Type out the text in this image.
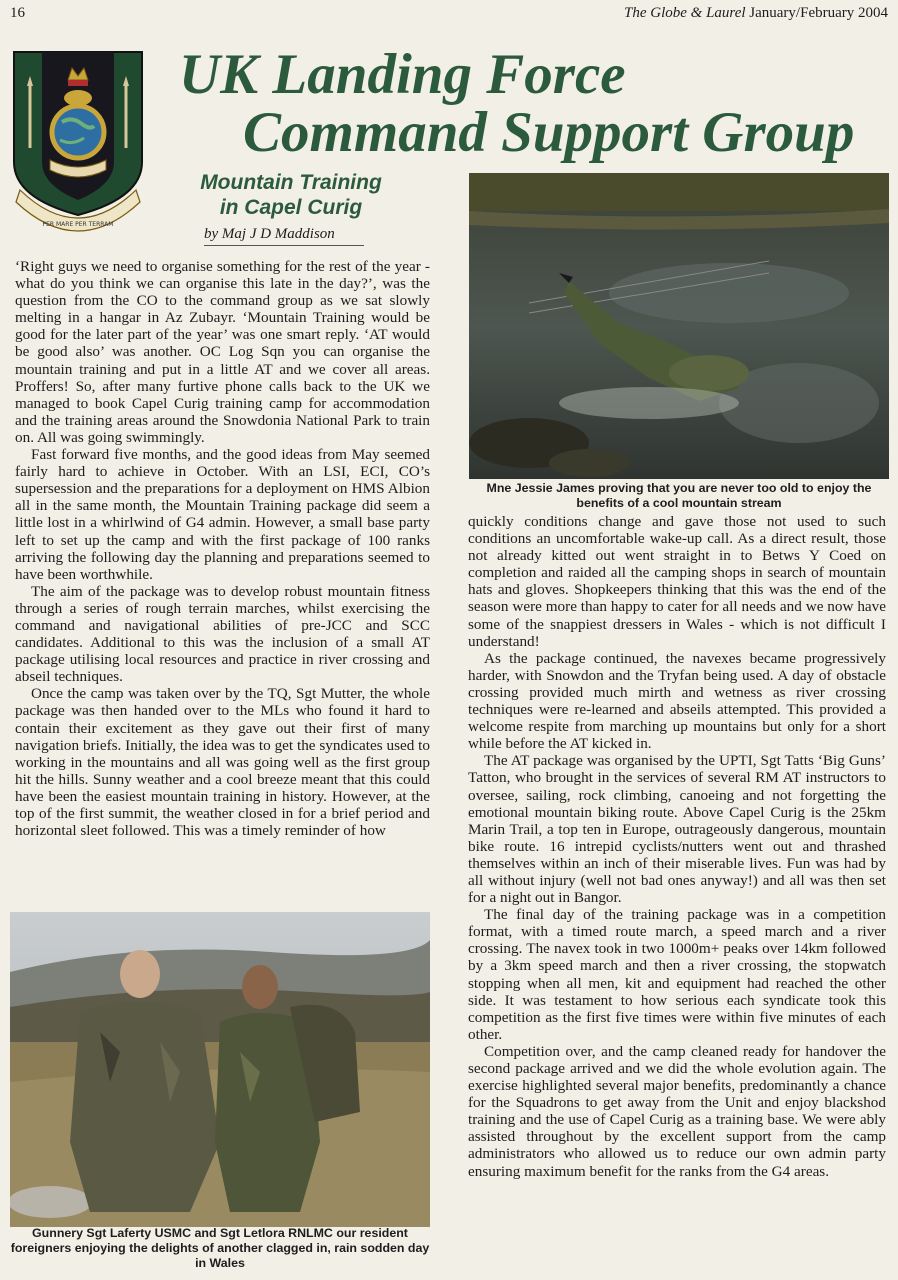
16	The Globe & Laurel January/February 2004
PER MARE PER TERRAM
UK Landing Force
Command Support Group
Mountain Training
in Capel Curig
by Maj J D Maddison

‘Right guys we need to organise something for the rest of the year - what do you think we can organise this late in the day?’, was the question from the CO to the command group as we sat slowly melting in a hangar in Az Zubayr. ‘Mountain Training would be good for the later part of the year’ was one smart reply. ‘AT would be good also’ was another. OC Log Sqn you can organise the mountain training and put in a little AT and we cover all areas. Proffers! So, after many furtive phone calls back to the UK we managed to book Capel Curig training camp for accommodation and the training areas around the Snowdonia National Park to train on. All was going swimmingly.

Fast forward five months, and the good ideas from May seemed fairly hard to achieve in October. With an LSI, ECI, CO’s supersession and the preparations for a deployment on HMS Albion all in the same month, the Mountain Training package did seem a little lost in a whirlwind of G4 admin. However, a small base party left to set up the camp and with the first package of 100 ranks arriving the following day the planning and preparations seemed to have been worthwhile.

The aim of the package was to develop robust mountain fitness through a series of rough terrain marches, whilst exercising the command and navigational abilities of pre-JCC and SCC candidates. Additional to this was the inclusion of a small AT package utilising local resources and practice in river crossing and abseil techniques.

Once the camp was taken over by the TQ, Sgt Mutter, the whole package was then handed over to the MLs who found it hard to contain their excitement as they gave out their first of many navigation briefs. Initially, the idea was to get the syndicates used to working in the mountains and all was going well as the first group hit the hills. Sunny weather and a cool breeze meant that this could have been the easiest mountain training in history. However, at the top of the first summit, the weather closed in for a brief period and horizontal sleet followed. This was a timely reminder of how

Mne Jessie James proving that you are never too old to enjoy the benefits of a cool mountain stream

quickly conditions change and gave those not used to such conditions an uncomfortable wake-up call. As a direct result, those not already kitted out went straight in to Betws Y Coed on completion and raided all the camping shops in search of mountain hats and gloves. Shopkeepers thinking that this was the end of the season were more than happy to cater for all needs and we now have some of the snappiest dressers in Wales - which is not difficult I understand!

As the package continued, the navexes became progressively harder, with Snowdon and the Tryfan being used. A day of obstacle crossing provided much mirth and wetness as river crossing techniques were re-learned and abseils attempted. This provided a welcome respite from marching up mountains but only for a short while before the AT kicked in.

The AT package was organised by the UPTI, Sgt Tatts ‘Big Guns’ Tatton, who brought in the services of several RM AT instructors to oversee, sailing, rock climbing, canoeing and not forgetting the emotional mountain biking route. Above Capel Curig is the 25km Marin Trail, a top ten in Europe, outrageously dangerous, mountain bike route. 16 intrepid cyclists/nutters went out and thrashed themselves within an inch of their miserable lives. Fun was had by all without injury (well not bad ones anyway!) and all was then set for a night out in Bangor.

The final day of the training package was in a competition format, with a timed route march, a speed march and a river crossing. The navex took in two 1000m+ peaks over 14km followed by a 3km speed march and then a river crossing, the stopwatch stopping when all men, kit and equipment had reached the other side. It was testament to how serious each syndicate took this competition as the first five times were within five minutes of each other.

Competition over, and the camp cleaned ready for handover the second package arrived and we did the whole evolution again. The exercise highlighted several major benefits, predominantly a chance for the Squadrons to get away from the Unit and enjoy blackshod training and the use of Capel Curig as a training base. We were ably assisted throughout by the excellent support from the camp administrators who allowed us to reduce our own admin party ensuring maximum benefit for the ranks from the G4 areas.

Gunnery Sgt Laferty USMC and Sgt Letlora RNLMC our resident foreigners enjoying the delights of another clagged in, rain sodden day in Wales
